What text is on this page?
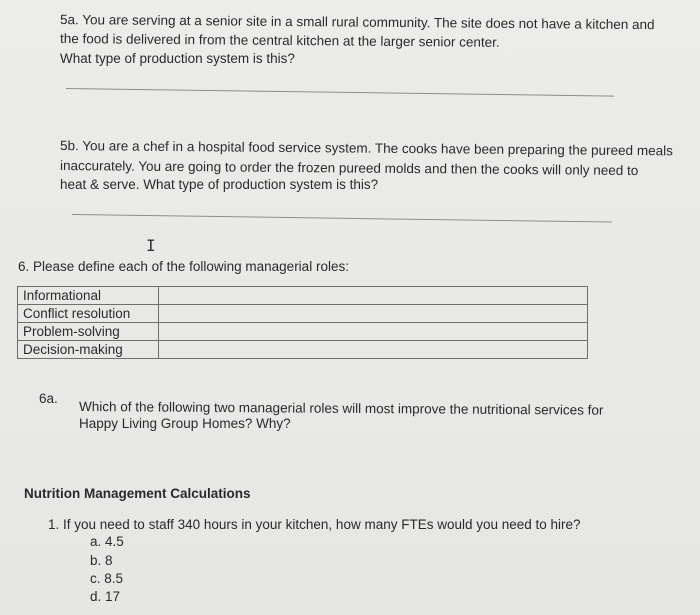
5a. You are serving at a senior site in a small rural community. The site does not have a kitchen and
the food is delivered in from the central kitchen at the larger senior center.
What type of production system is this?
5b. You are a chef in a hospital food service system. The cooks have been preparing the pureed meals
inaccurately. You are going to order the frozen pureed molds and then the cooks will only need to
heat & serve. What type of production system is this?
I
6. Please define each of the following managerial roles:
Informational	
Conflict resolution	
Problem-solving	
Decision-making	
6a.
Which of the following two managerial roles will most improve the nutritional services for
Happy Living Group Homes? Why?
Nutrition Management Calculations
1. If you need to staff 340 hours in your kitchen, how many FTEs would you need to hire?
a. 4.5
b. 8
c. 8.5
d. 17
